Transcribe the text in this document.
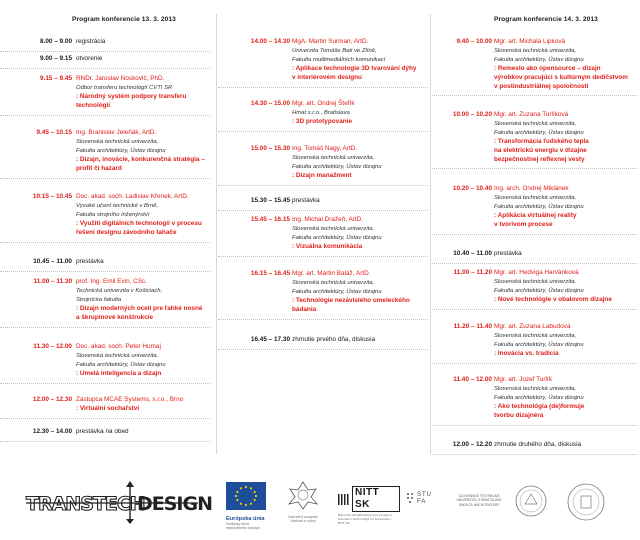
Program konferencie 13. 3. 2013
8.00 – 9.00 registrácia
9.00 – 9.15 otvorenie
9.15 – 9.45 RNDr. Jaroslav Noskovič, PhD.
Odbor transferu technológií CVTI SR
: Národný systém podpory transferu
technológií
9.45 – 10.15 Ing. Branislav Jeleňák, ArtD.
Slovenská technická univerzita,
Fakulta architektúry, Ústav dizajnu
: Dizajn, inovácie, konkurenčná stratégia –
profit či hazard
10.15 – 10.45 Doc. akad. soch. Ladislav Křenek, ArtD.
Vysoké učení technické v Brně,
Fakulta strojního inženýrství
: Využití digitálních technologií v procesu
řešení designu závodního tahače
10.45 – 11.00 prestávka
11.00 – 11.30 prof. Ing. Emil Evin, CSc.
Technická univerzita v Košiciach,
Strojnícka fakulta
: Dizajn moderných ocelí pre ľahké nosné
a škrupinové konštrukcie
11.30 – 12.00 Doc. akad. soch. Peter Humaj
Slovenská technická univerzita,
Fakulta architektúry, Ústav dizajnu
: Umelá inteligencia a dizajn
12.00 – 12.30 Zástupca MCAE Systems, s.r.o., Brno
: Virtuální sochařství
12.30 – 14.00 prestávka na obed
14.00 – 14.30 MgA. Martin Surman, ArtD.
Univerzita Tomáše Bati ve Zlíně,
Fakulta multimediálních komunikací
: Aplikace technologie 3D tvarování dýhy
v interiérovém designu
14.30 – 15.00 Mgr. art. Ondrej Štefík
Hmat s.r.o., Bratislava
: 3D prototypovanie
15.00 – 15.30 Ing. Tomáš Nagy, ArtD.
Slovenská technická univerzita,
Fakulta architektúry, Ústav dizajnu
: Dizajn manažment
15.30 – 15.45 prestávka
15.45 – 16.15 Ing. Michal Dražeň, ArtD.
Slovenská technická univerzita,
Fakulta architektúry, Ústav dizajnu
: Vizuálna komunikácia
16.15 – 16.45 Mgr. art. Martin Baláž, ArtD.
Slovenská technická univerzita,
Fakulta architektúry, Ústav dizajnu
: Technológie nezávislého umeleckého
bádania
16.45 – 17.30 zhrnutie prvého dňa, diskusia
Program konferencie 14. 3. 2013
9.40 – 10.00 Mgr. art. Michala Lipková
Slovenská technická univerzita,
Fakulta architektúry, Ústav dizajnu
: Remeslo ako opensource – dizajn
výrobkov pracujúci s kultúrnym dedičstvom
v postindustriálnej spoločnosti
10.00 – 10.20 Mgr. art. Zuzana Turlíková
Slovenská technická univerzita,
Fakulta architektúry, Ústav dizajnu
: Transformácia ľudského tepla
na elektrickú energiu v dizajne
bezpečnostnej reflexnej vesty
10.20 – 10.40 Ing. arch. Ondrej Miklánek
Slovenská technická univerzita,
Fakulta architektúry, Ústav dizajnu
: Aplikácia virtuálnej reality
v tvorivom procese
10.40 – 11.00 prestávka
11.00 – 11.20 Mgr. art. Hedviga Harvánková
Slovenská technická univerzita,
Fakulta architektúry, Ústav dizajnu
: Nové technológie v obalovom dizajne
11.20 – 11.40 Mgr. art. Zuzana Labudová
Slovenská technická univerzita,
Fakulta architektúry, Ústav dizajnu
: Inovácia vs. tradícia
11.40 – 12.00 Mgr. art. Jozef Turlík
Slovenská technická univerzita,
Fakulta architektúry, Ústav dizajnu
: Ako technológia (de)formuje
tvorbu dizajnéra
12.00 – 12.20 zhrnutie druhého dňa, diskusia
TRANSTECH
DESIGN
Európska únia
Európsky fond regionálneho rozvoja
Operačný program Výskum a vývoj
NITT SK
Národná infraštruktúra pre podporu transferu technológií na Slovensku – NITT SK
STU
FA
SLOVENSKÁ TECHNICKÁ UNIVERZITA V BRATISLAVE FAKULTA ARCHITEKTÚRY
